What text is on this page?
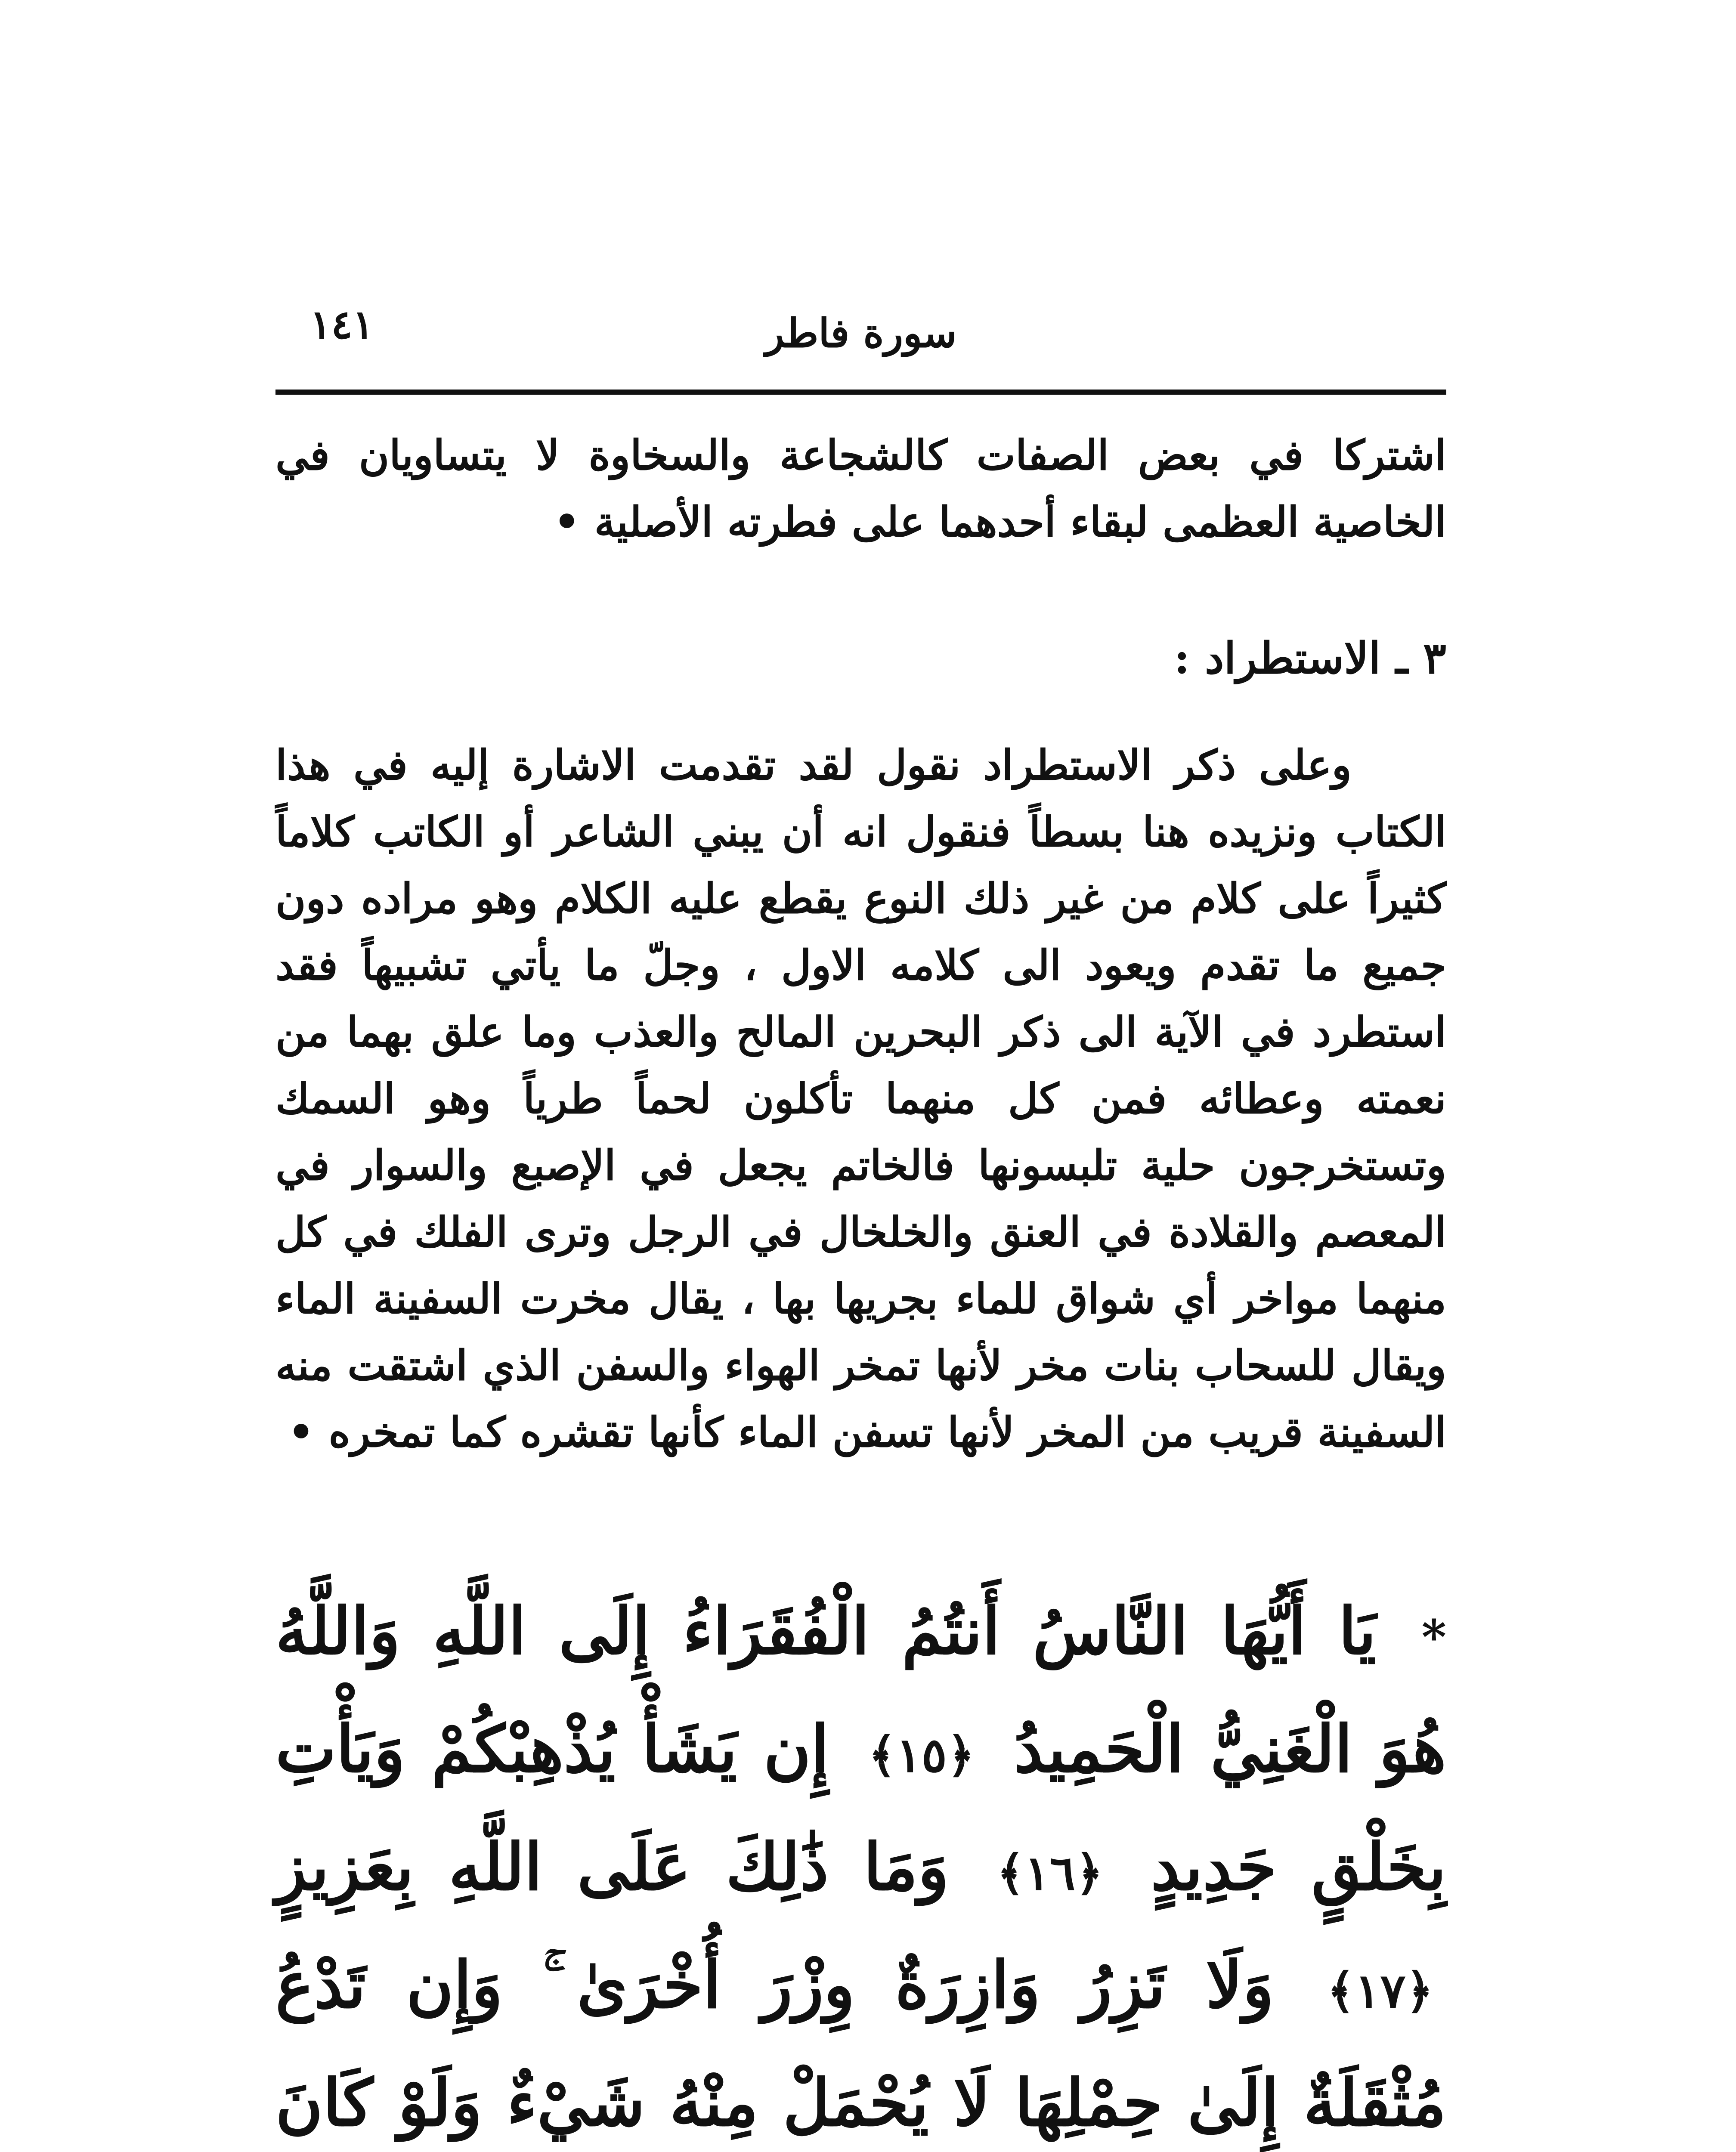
١٤١	سورة فاطر

اشتركا في بعض الصفات كالشجاعة والسخاوة لا يتساويان في الخاصية العظمى لبقاء أحدهما على فطرته الأصلية •

٣ ـ الاستطراد :

وعلى ذكر الاستطراد نقول لقد تقدمت الاشارة إليه في هذا الكتاب ونزيده هنا بسطاً فنقول انه أن يبني الشاعر أو الكاتب كلاماً كثيراً على كلام من غير ذلك النوع يقطع عليه الكلام وهو مراده دون جميع ما تقدم ويعود الى كلامه الاول ، وجلّ ما يأتي تشبيهاً فقد استطرد في الآية الى ذكر البحرين المالح والعذب وما علق بهما من نعمته وعطائه فمن كل منهما تأكلون لحماً طرياً وهو السمك وتستخرجون حلية تلبسونها فالخاتم يجعل في الإصبع والسوار في المعصم والقلادة في العنق والخلخال في الرجل وترى الفلك في كل منهما مواخر أي شواق للماء بجريها بها ، يقال مخرت السفينة الماء ويقال للسحاب بنات مخر لأنها تمخر الهواء والسفن الذي اشتقت منه السفينة قريب من المخر لأنها تسفن الماء كأنها تقشره كما تمخره •

* يَا أَيُّهَا النَّاسُ أَنتُمُ الْفُقَرَاءُ إِلَى اللَّهِ وَاللَّهُ هُوَ الْغَنِيُّ الْحَمِيدُ ﴿١٥﴾ إِن يَشَأْ يُذْهِبْكُمْ وَيَأْتِ بِخَلْقٍ جَدِيدٍ ﴿١٦﴾ وَمَا ذَٰلِكَ عَلَى اللَّهِ بِعَزِيزٍ ﴿١٧﴾ وَلَا تَزِرُ وَازِرَةٌ وِزْرَ أُخْرَىٰ ۚ وَإِن تَدْعُ مُثْقَلَةٌ إِلَىٰ حِمْلِهَا لَا يُحْمَلْ مِنْهُ شَيْءٌ وَلَوْ كَانَ
